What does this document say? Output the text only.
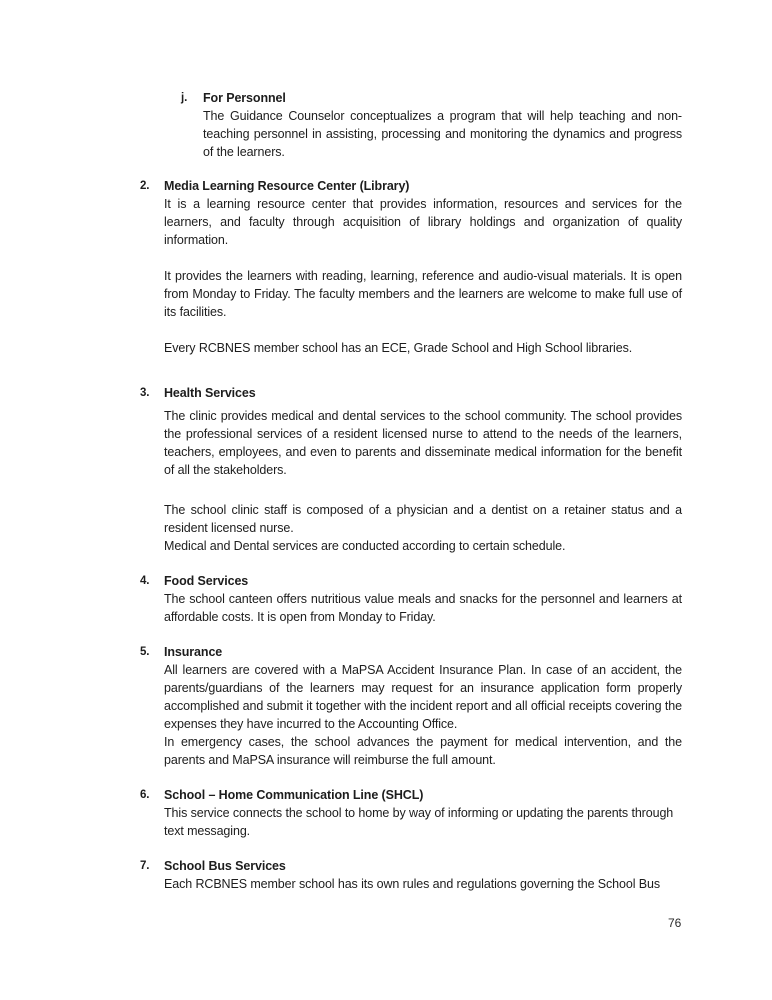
j.	For Personnel

The Guidance Counselor conceptualizes a program that will help teaching and non-teaching personnel in assisting, processing and monitoring the dynamics and progress of the learners.

2.	Media Learning Resource Center (Library)

It is a learning resource center that provides information, resources and services for the learners, and faculty through acquisition of library holdings and organization of quality information.

It provides the learners with reading, learning, reference and audio-visual materials. It is open from Monday to Friday. The faculty members and the learners are welcome to make full use of its facilities.

Every RCBNES member school has an ECE, Grade School and High School libraries.

3.	Health Services

The clinic provides medical and dental services to the school community. The school provides the professional services of a resident licensed nurse to attend to the needs of the learners, teachers, employees, and even to parents and disseminate medical information for the benefit of all the stakeholders.

The school clinic staff is composed of a physician and a dentist on a retainer status and a resident licensed nurse.

Medical and Dental services are conducted according to certain schedule.

4.	Food Services

The school canteen offers nutritious value meals and snacks for the personnel and learners at affordable costs. It is open from Monday to Friday.

5.	Insurance

All learners are covered with a MaPSA Accident Insurance Plan. In case of an accident, the parents/guardians of the learners may request for an insurance application form properly accomplished and submit it together with the incident report and all official receipts covering the expenses they have incurred to the Accounting Office.

In emergency cases, the school advances the payment for medical intervention, and the parents and MaPSA insurance will reimburse the full amount.

6.	School – Home Communication Line (SHCL)

This service connects the school to home by way of informing or updating the parents through text messaging.

7.	School Bus Services

Each RCBNES member school has its own rules and regulations governing the School Bus

76
